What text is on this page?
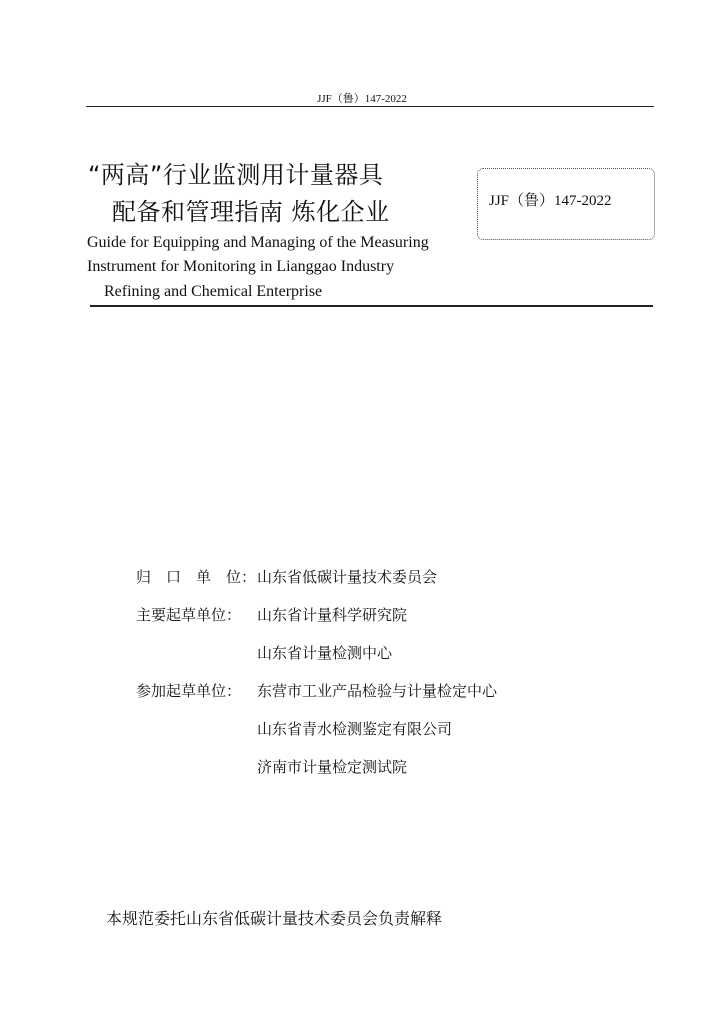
JJF（鲁）147-2022
“两高”行业监测用计量器具
配备和管理指南 炼化企业	JJF（鲁）147-2022
Guide for Equipping and Managing of the Measuring
Instrument for Monitoring in Lianggao Industry
Refining and Chemical Enterprise
归　口　单　位： 山东省低碳计量技术委员会
主要起草单位： 山东省计量科学研究院
山东省计量检测中心
参加起草单位： 东营市工业产品检验与计量检定中心
山东省青水检测鉴定有限公司
济南市计量检定测试院
本规范委托山东省低碳计量技术委员会负责解释
